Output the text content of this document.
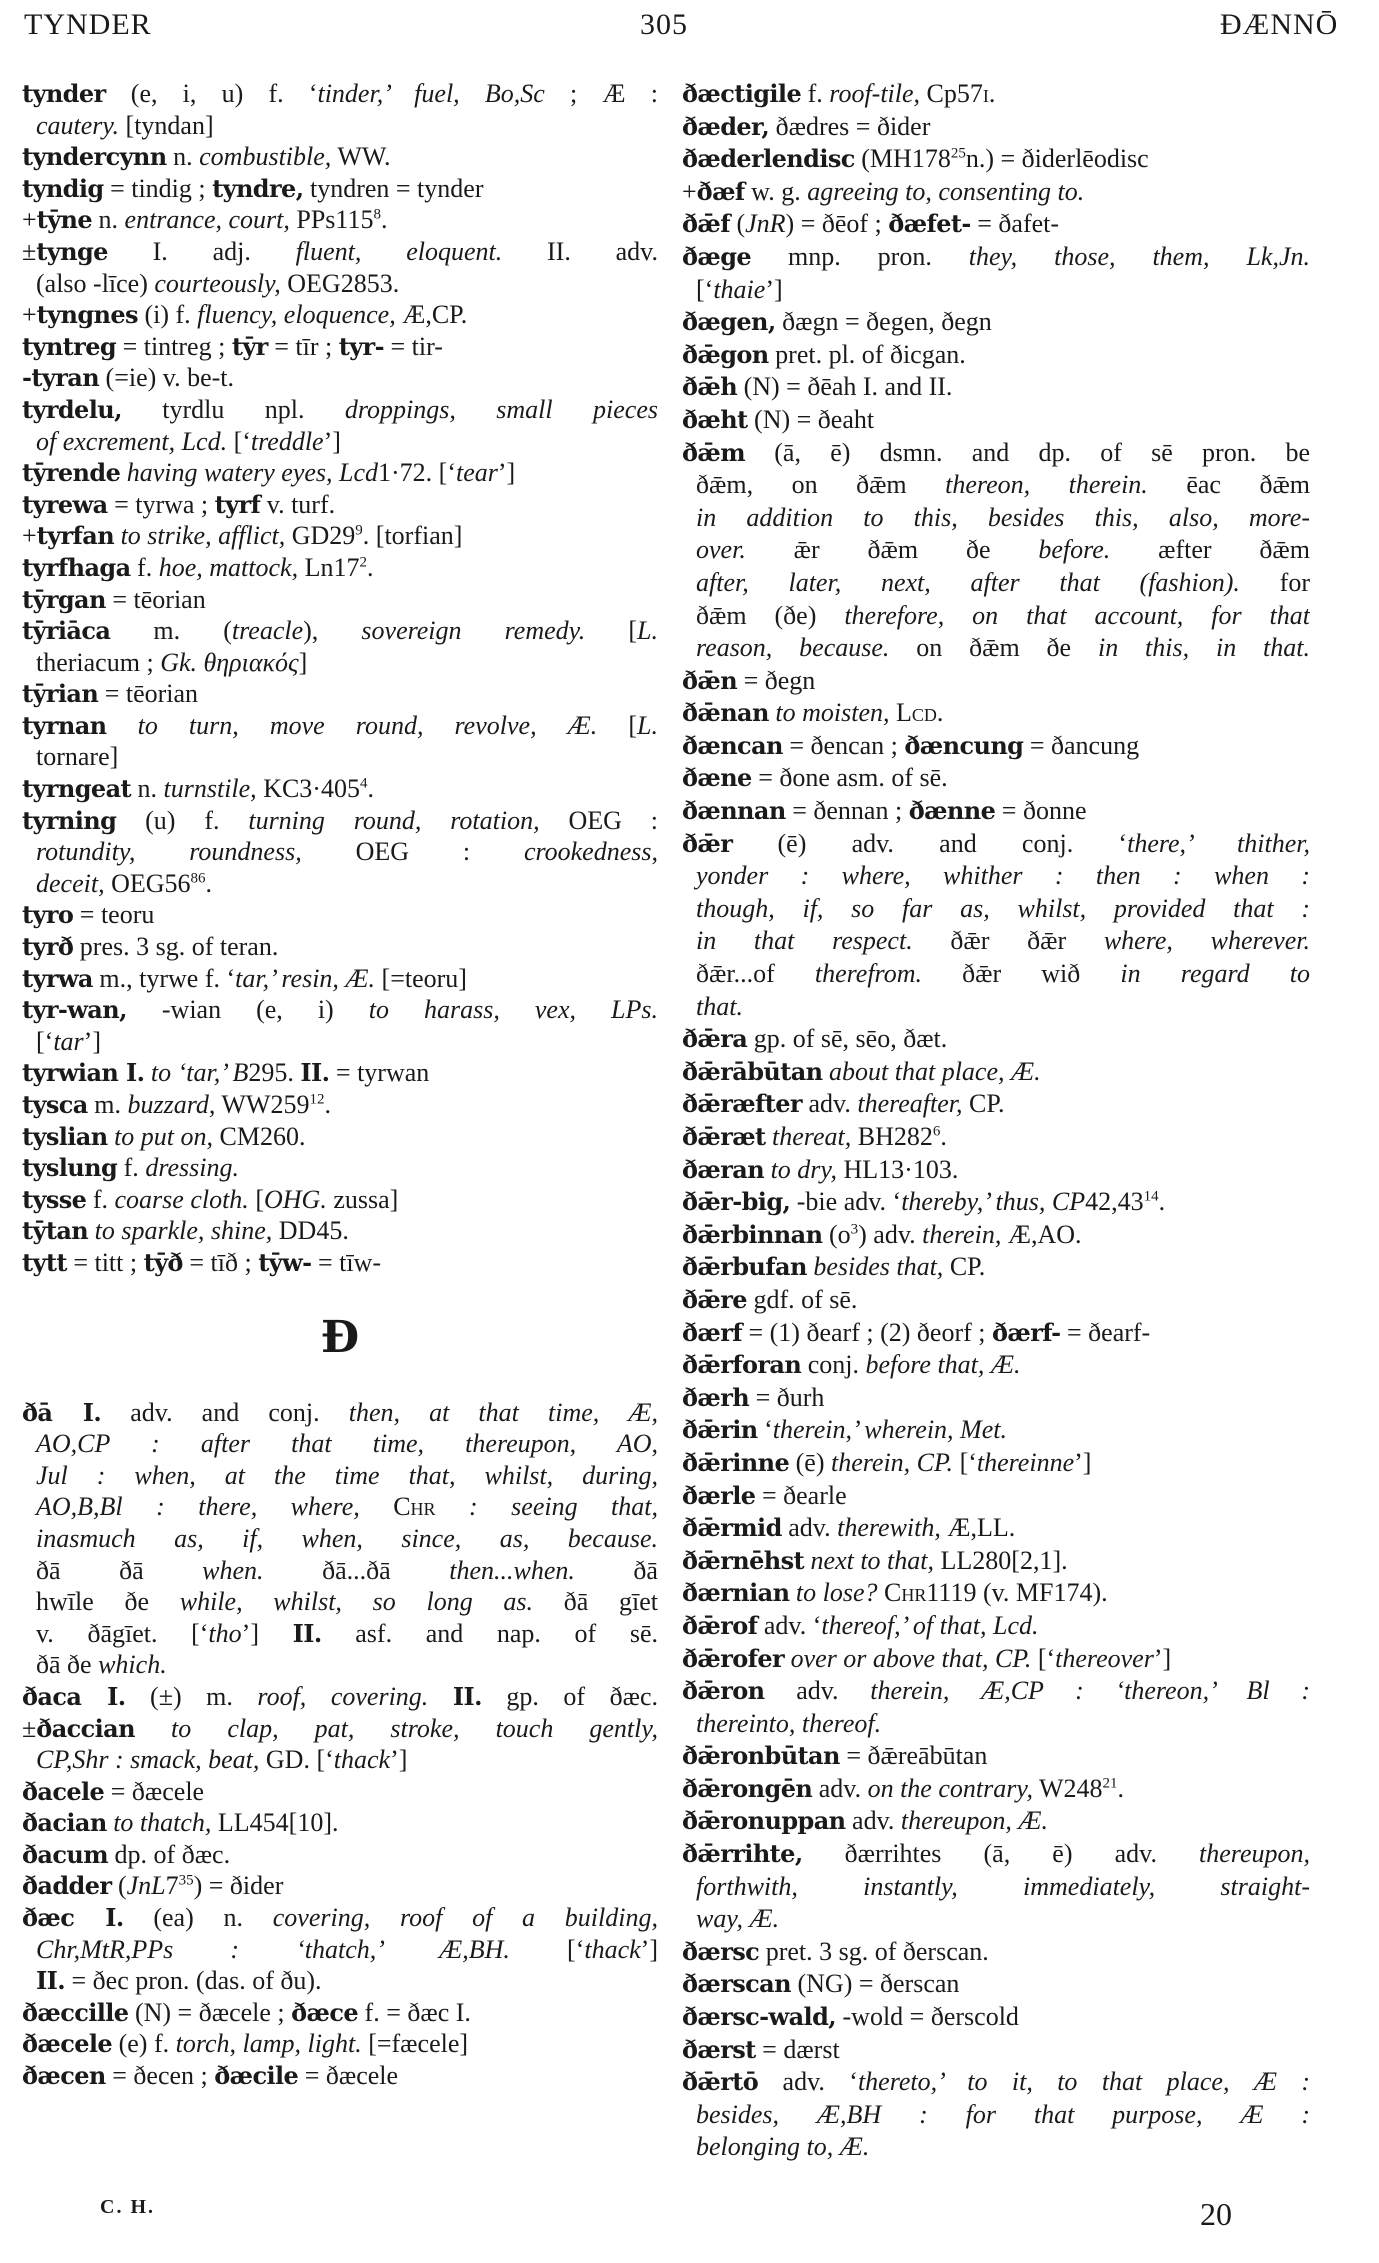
TYNDER	305	ÐÆNNŌ
tynder (e, i, u) f. ‘tinder,’ fuel, Bo,Sc ; Æ :
cautery. [tyndan]
tyndercynn n. combustible, WW.
tyndig = tindig ; tyndre, tyndren = tynder
+tȳne n. entrance, court, $PPs115^8$.
±tynge I. adj. fluent, eloquent. II. adv.
(also -līce) courteously, OEG2853.
+tyngnes (i) f. fluency, eloquence, Æ,CP.
tyntreg = tintreg ; tȳr = tīr ; tyr- = tir-
-tyran (=ie) v. be-t.
tyrdelu, tyrdlu npl. droppings, small pieces
of excrement, Lcd. [‘treddle’]
tȳrende having watery eyes, Lcd1·72. [‘tear’]
tyrewa = tyrwa ; tyrf v. turf.
+tyrfan to strike, afflict, $GD29^9$. [torfian]
tyrfhaga f. hoe, mattock, $Ln17^2$.
tȳrgan = tēorian
tȳriāca m. (treacle), sovereign remedy. [L.
theriacum ; Gk. θηριακός]
tȳrian = tēorian
tyrnan to turn, move round, revolve, Æ. [L.
tornare]
tyrngeat n. turnstile, $KC3\cdot 405^4$.
tyrning (u) f. turning round, rotation, OEG :
rotundity, roundness, OEG : crookedness,
deceit, $OEG56^{86}$.
tyro = teoru
tyrð pres. 3 sg. of teran.
tyrwa m., tyrwe f. ‘tar,’ resin, Æ. [=teoru]
tyr-wan, -wian (e, i) to harass, vex, LPs.
[‘tar’]
tyrwian I. to ‘tar,’ B295. II. = tyrwan
tysca m. buzzard, $WW259^{12}$.
tyslian to put on, CM260.
tyslung f. dressing.
tysse f. coarse cloth. [OHG. zussa]
tȳtan to sparkle, shine, DD45.
tytt = titt ; tȳð = tīð ; tȳw- = tīw-
Đ
ðā I. adv. and conj. then, at that time, Æ,
AO,CP : after that time, thereupon, AO,
Jul : when, at the time that, whilst, during,
AO,B,Bl : there, where, Chr : seeing that,
inasmuch as, if, when, since, as, because.
ðā ðā when. ðā...ðā then...when. ðā
hwīle ðe while, whilst, so long as. ðā gīet
v. ðāgīet. [‘tho’] II. asf. and nap. of sē.
ðā ðe which.
ðaca I. (±) m. roof, covering. II. gp. of ðæc.
±ðaccian to clap, pat, stroke, touch gently,
CP,Shr : smack, beat, GD. [‘thack’]
ðacele = ðæcele
ðacian to thatch, LL454[10].
ðacum dp. of ðæc.
ðadder $(JnL7^{35})$ = ðider
ðæc I. (ea) n. covering, roof of a building,
Chr,MtR,PPs : ‘thatch,’ Æ,BH. [‘thack’]
II. = ðec pron. (das. of ðu).
ðæccille (N) = ðæcele ; ðæce f. = ðæc I.
ðæcele (e) f. torch, lamp, light. [=fæcele]
ðæcen = ðecen ; ðæcile = ðæcele
ðæctigile f. roof-tile, Cp57i.
ðæder, ðædres = ðider
ðæderlendisc $(MH178^{25}n.)$ = ðiderlēodisc
+ðæf w. g. agreeing to, consenting to.
ðǣf (JnR) = ðēof ; ðæfet- = ðafet-
ðæge mnp. pron. they, those, them, Lk,Jn.
[‘thaie’]
ðægen, ðægn = ðegen, ðegn
ðǣgon pret. pl. of ðicgan.
ðǣh (N) = ðēah I. and II.
ðæht (N) = ðeaht
ðǣm (ā, ē) dsmn. and dp. of sē pron. be
ðǣm, on ðǣm thereon, therein. ēac ðǣm
in addition to this, besides this, also, more-
over. ǣr ðǣm ðe before. æfter ðǣm
after, later, next, after that (fashion). for
ðǣm (ðe) therefore, on that account, for that
reason, because. on ðǣm ðe in this, in that.
ðǣn = ðegn
ðǣnan to moisten, Lcd.
ðæncan = ðencan ; ðæncung = ðancung
ðæne = ðone asm. of sē.
ðænnan = ðennan ; ðænne = ðonne
ðǣr (ē) adv. and conj. ‘there,’ thither,
yonder : where, whither : then : when :
though, if, so far as, whilst, provided that :
in that respect. ðǣr ðǣr where, wherever.
ðǣr...of therefrom. ðǣr wið in regard to
that.
ðǣra gp. of sē, sēo, ðæt.
ðǣrābūtan about that place, Æ.
ðǣræfter adv. thereafter, CP.
ðǣræt thereat, $BH282^6$.
ðæran to dry, HL13·103.
ðǣr-big, -bie adv. ‘thereby,’ thus, CP42,43$^{14}$.
ðǣrbinnan $(o^3)$ adv. therein, Æ,AO.
ðǣrbufan besides that, CP.
ðǣre gdf. of sē.
ðærf = (1) ðearf ; (2) ðeorf ; ðærf- = ðearf-
ðǣrforan conj. before that, Æ.
ðærh = ðurh
ðǣrin ‘therein,’ wherein, Met.
ðǣrinne (ē) therein, CP. [‘thereinne’]
ðærle = ðearle
ðǣrmid adv. therewith, Æ,LL.
ðǣrnēhst next to that, LL280[2,1].
ðærnian to lose? Chr1119 (v. MF174).
ðǣrof adv. ‘thereof,’ of that, Lcd.
ðǣrofer over or above that, CP. [‘thereover’]
ðǣron adv. therein, Æ,CP : ‘thereon,’ Bl :
thereinto, thereof.
ðǣronbūtan = ðǣreābūtan
ðǣrongēn adv. on the contrary, $W248^{21}$.
ðǣronuppan adv. thereupon, Æ.
ðǣrrihte, ðærrihtes (ā, ē) adv. thereupon,
forthwith, instantly, immediately, straight-
way, Æ.
ðærsc pret. 3 sg. of ðerscan.
ðærscan (NG) = ðerscan
ðærsc-wald, -wold = ðerscold
ðærst = dærst
ðǣrtō adv. ‘thereto,’ to it, to that place, Æ :
besides, Æ,BH : for that purpose, Æ :
belonging to, Æ.
C. H.	20
